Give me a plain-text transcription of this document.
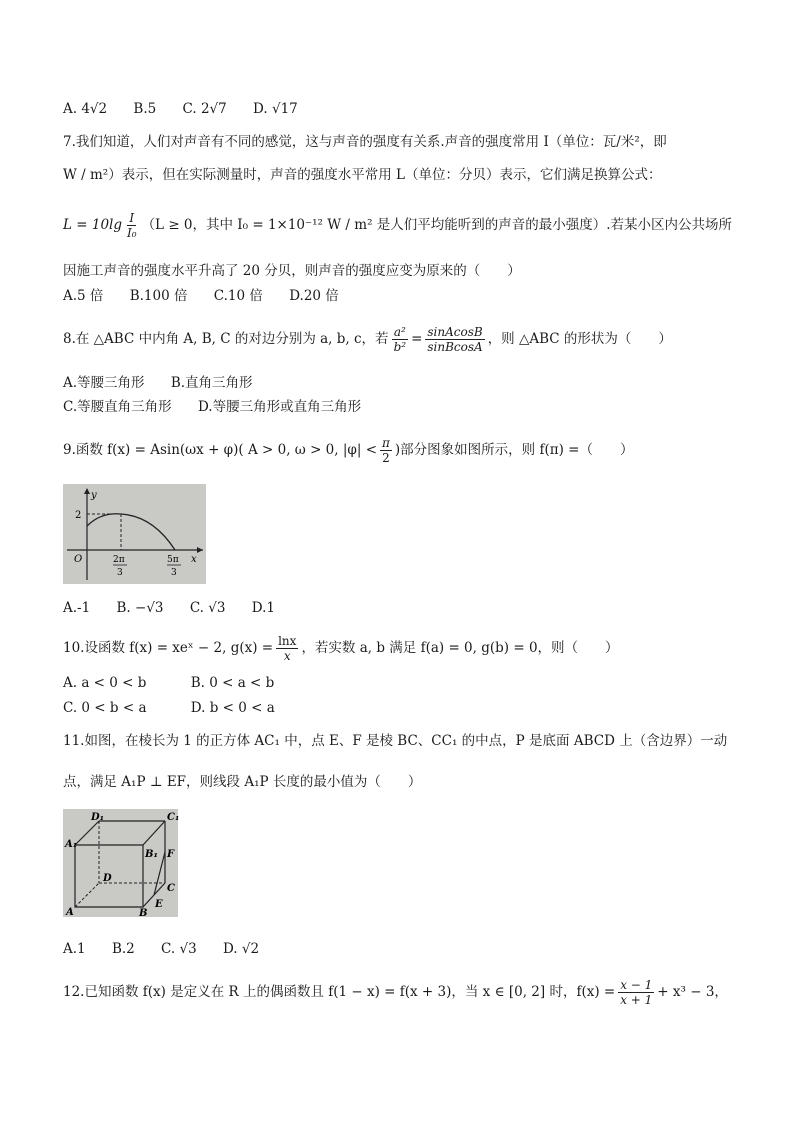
A. 4√2 B.5 C. 2√7 D. √17
7.我们知道，人们对声音有不同的感觉，这与声音的强度有关系.声音的强度常用 I（单位：瓦/米²，即
W / m²）表示，但在实际测量时，声音的强度水平常用 L（单位：分贝）表示，它们满足换算公式：
$L = 10\lg \frac{I}{\text{I₀}} (L \ge 0$，其中 I₀ = 1×10⁻¹² W / m² 是人们平均能听到的声音的最小强度）.若某小区内公共场所
因施工声音的强度水平升高了 20 分贝，则声音的强度应变为原来的（　　）
A.5 倍 B.100 倍 C.10 倍 D.20 倍
8.在 △ABC 中内角 A, B, C 的对边分别为 a, b, c，若 $\frac{\text{a²}}{\text{b²}} = \frac{\text{sinAcosB}}{\text{sinBcosA}}$ ，则 △ABC 的形状为（　　）
A.等腰三角形 B.直角三角形
C.等腰直角三角形 D.等腰三角形或直角三角形
9.函数 f(x) = Asin(ωx + φ)( A > 0, ω > 0, $|\varphi| < \frac{\pi}{2}$ )部分图象如图所示，则 f(π) =（　　）
y
2
O	2π
3
5π
3
x
A.-1 B. −√3 C. √3 D.1
10.设函数 f(x) = xeˣ − 2, $g(x) = \frac{\ln x}{x}$ ，若实数 a, b 满足 f(a) = 0, g(b) = 0，则（　　）
A. a < 0 < b	B. 0 < a < b
C. 0 < b < a	D. b < 0 < a
11.如图，在棱长为 1 的正方体 AC₁ 中，点 E、F 是棱 BC、CC₁ 的中点，P 是底面 ABCD 上（含边界）一动
点，满足 A₁P ⊥ EF，则线段 A₁P 长度的最小值为（　　）
D₁	C₁
A₁
B₁ F
D
C
E
A	B
A.1 B.2 C. √3 D. √2
12.已知函数 f(x) 是定义在 R 上的偶函数且 f(1 − x) = f(x + 3)，当 x ∈ [0, 2] 时，$f(x) = \frac{x - 1}{x + 1} + x^3 - 3$，
